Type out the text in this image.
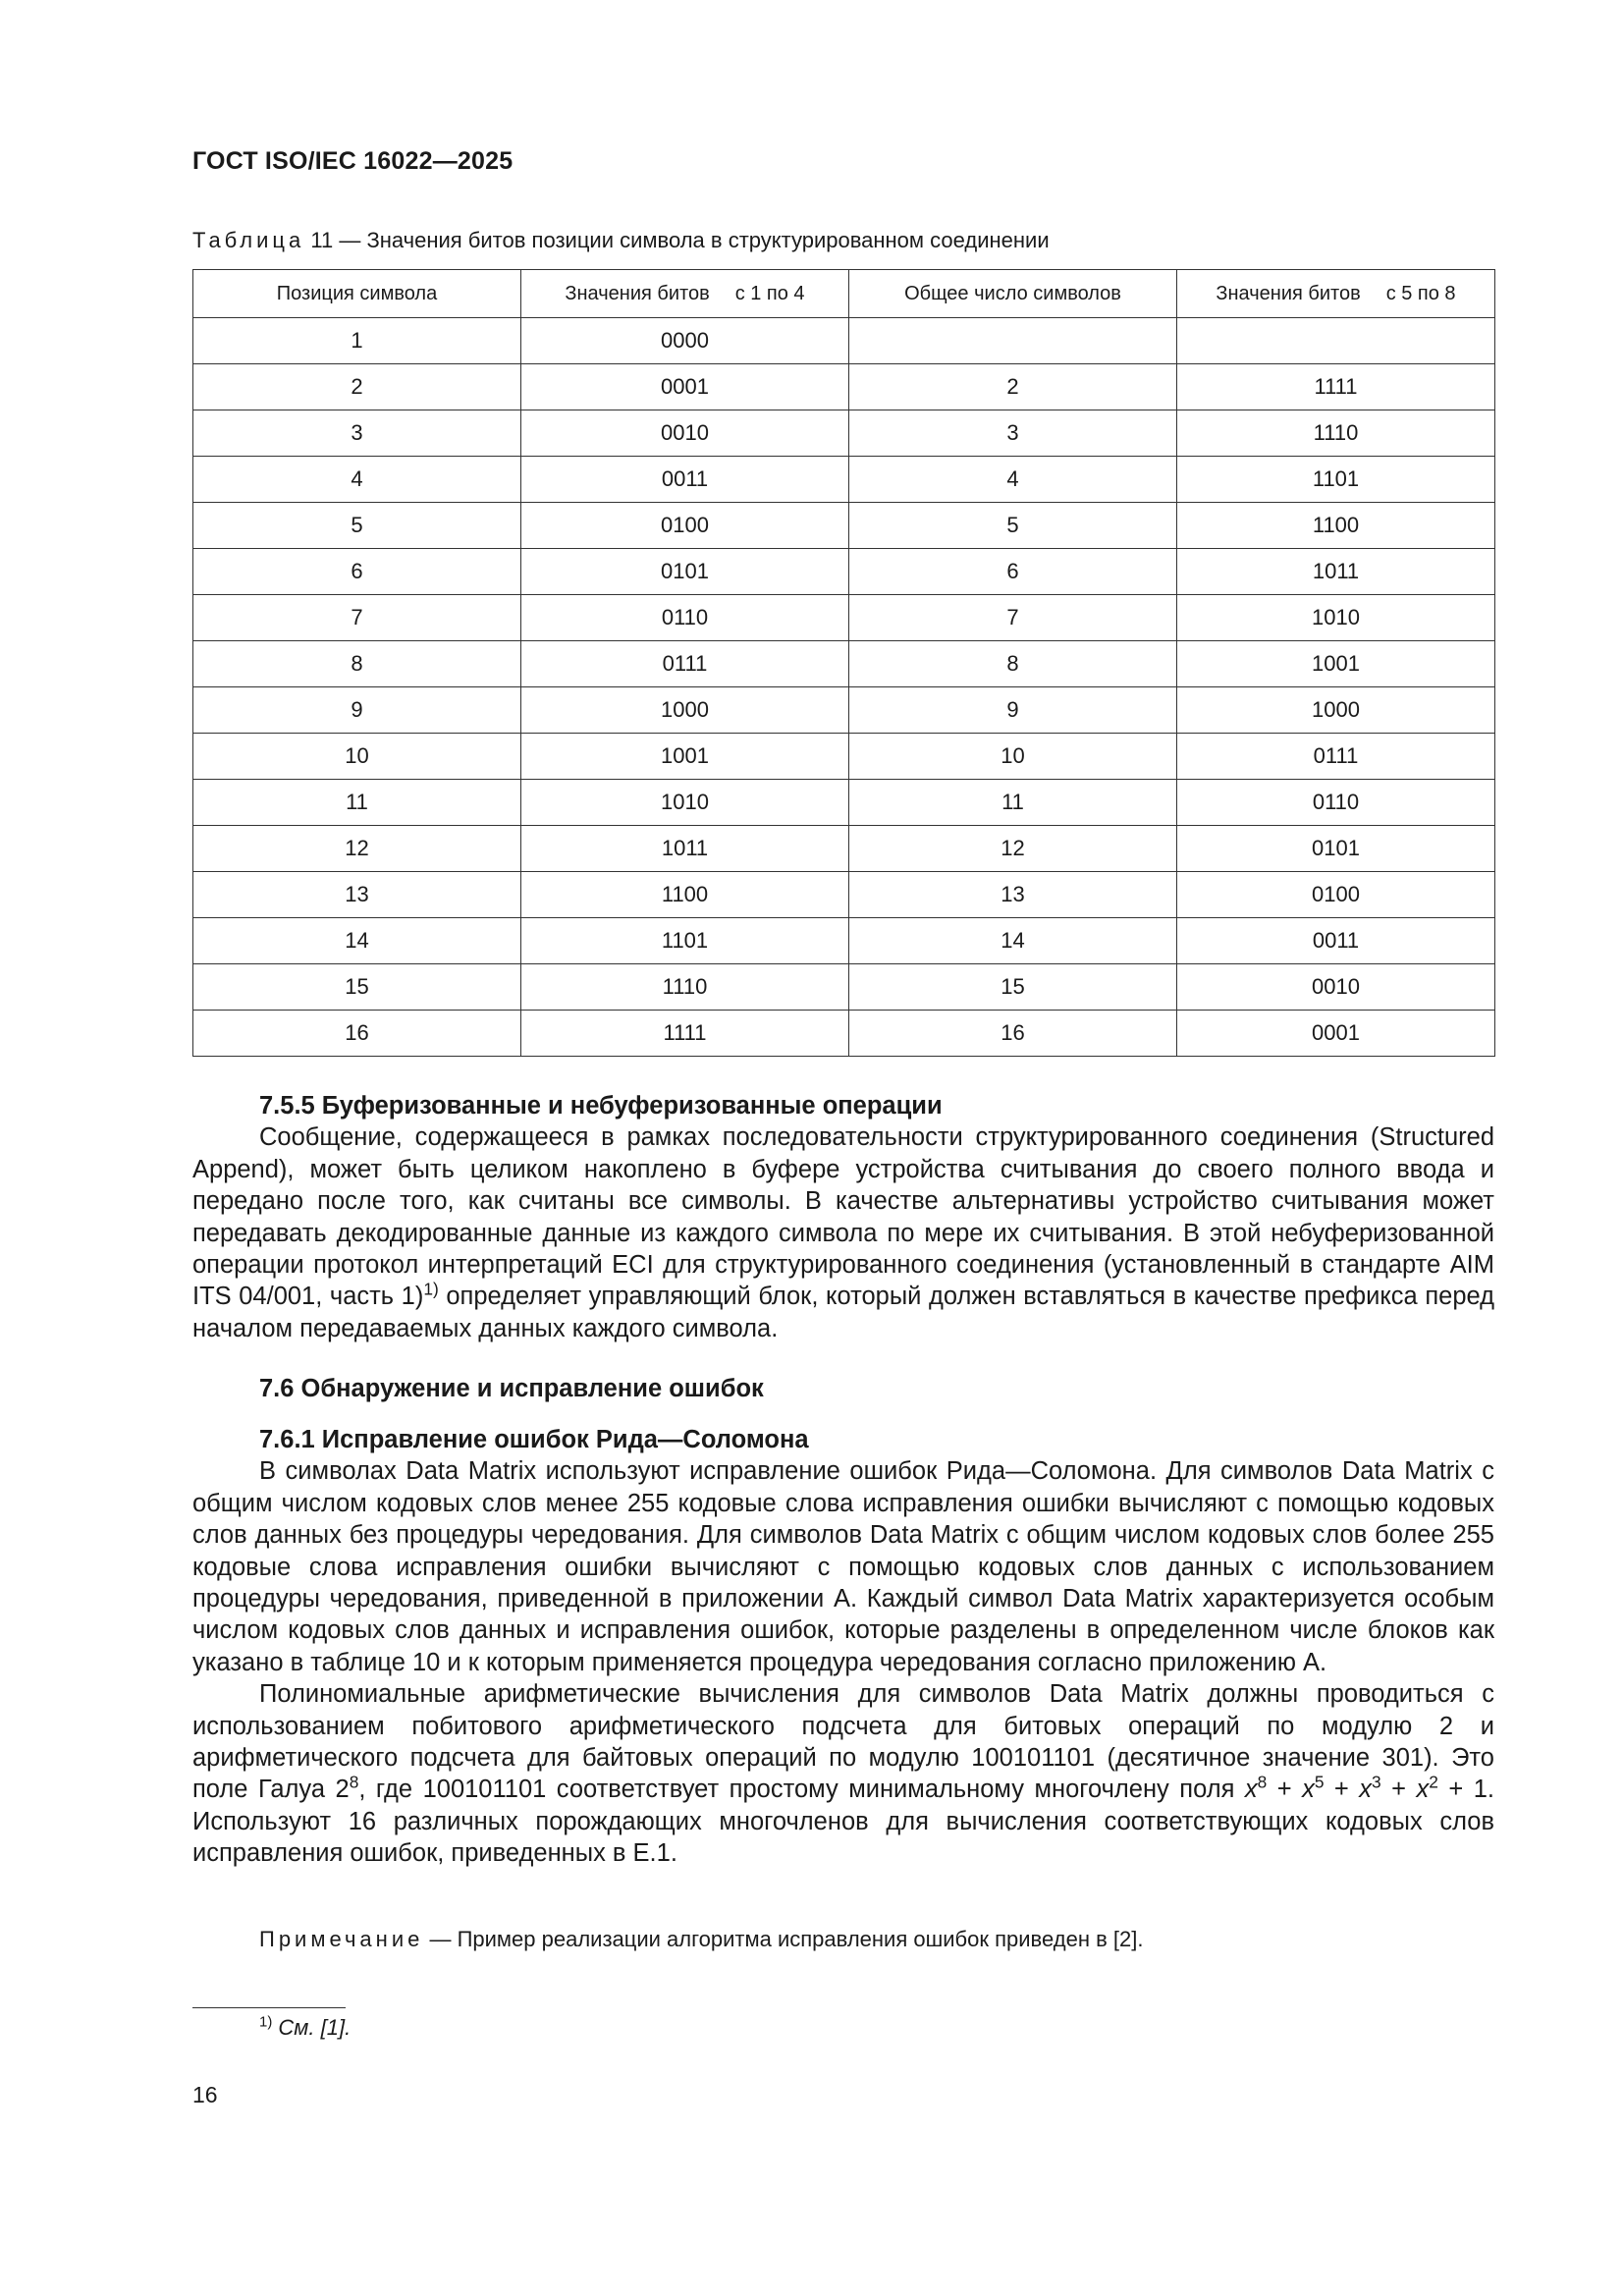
ГОСТ ISO/IEC 16022—2025
Таблица 11 — Значения битов позиции символа в структурированном соединении
Позиция символа	Значения битов с 1 по 4	Общее число символов	Значения битов с 5 по 8
1	0000		
2	0001	2	1111
3	0010	3	1110
4	0011	4	1101
5	0100	5	1100
6	0101	6	1011
7	0110	7	1010
8	0111	8	1001
9	1000	9	1000
10	1001	10	0111
11	1010	11	0110
12	1011	12	0101
13	1100	13	0100
14	1101	14	0011
15	1110	15	0010
16	1111	16	0001
7.5.5 Буферизованные и небуферизованные операции

Сообщение, содержащееся в рамках последовательности структурированного соединения (Structured Append), может быть целиком накоплено в буфере устройства считывания до своего полного ввода и передано после того, как считаны все символы. В качестве альтернативы устройство считывания может передавать декодированные данные из каждого символа по мере их считывания. В этой небуферизованной операции протокол интерпретаций ECI для структурированного соединения (установленный в стандарте AIM ITS 04/001, часть 1)$^{1)}$ определяет управляющий блок, который должен вставляться в качестве префикса перед началом передаваемых данных каждого символа.

7.6 Обнаружение и исправление ошибок
7.6.1 Исправление ошибок Рида—Соломона

В символах Data Matrix используют исправление ошибок Рида—Соломона. Для символов Data Matrix с общим числом кодовых слов менее 255 кодовые слова исправления ошибки вычисляют с помощью кодовых слов данных без процедуры чередования. Для символов Data Matrix с общим числом кодовых слов более 255 кодовые слова исправления ошибки вычисляют с помощью кодовых слов данных с использованием процедуры чередования, приведенной в приложении А. Каждый символ Data Matrix характеризуется особым числом кодовых слов данных и исправления ошибок, которые разделены в определенном числе блоков как указано в таблице 10 и к которым применяется процедура чередования согласно приложению А.

Полиномиальные арифметические вычисления для символов Data Matrix должны проводиться с использованием побитового арифметического подсчета для битовых операций по модулю 2 и арифметического подсчета для байтовых операций по модулю 100101101 (десятичное значение 301). Это поле Галуа $2^8$, где 100101101 соответствует простому минимальному многочлену поля $x^8 + x^5 + x^3 + x^2 + 1$. Используют 16 различных порождающих многочленов для вычисления соответствующих кодовых слов исправления ошибок, приведенных в Е.1.

Примечание — Пример реализации алгоритма исправления ошибок приведен в [2].
$^{1)}$ См. [1].
16
